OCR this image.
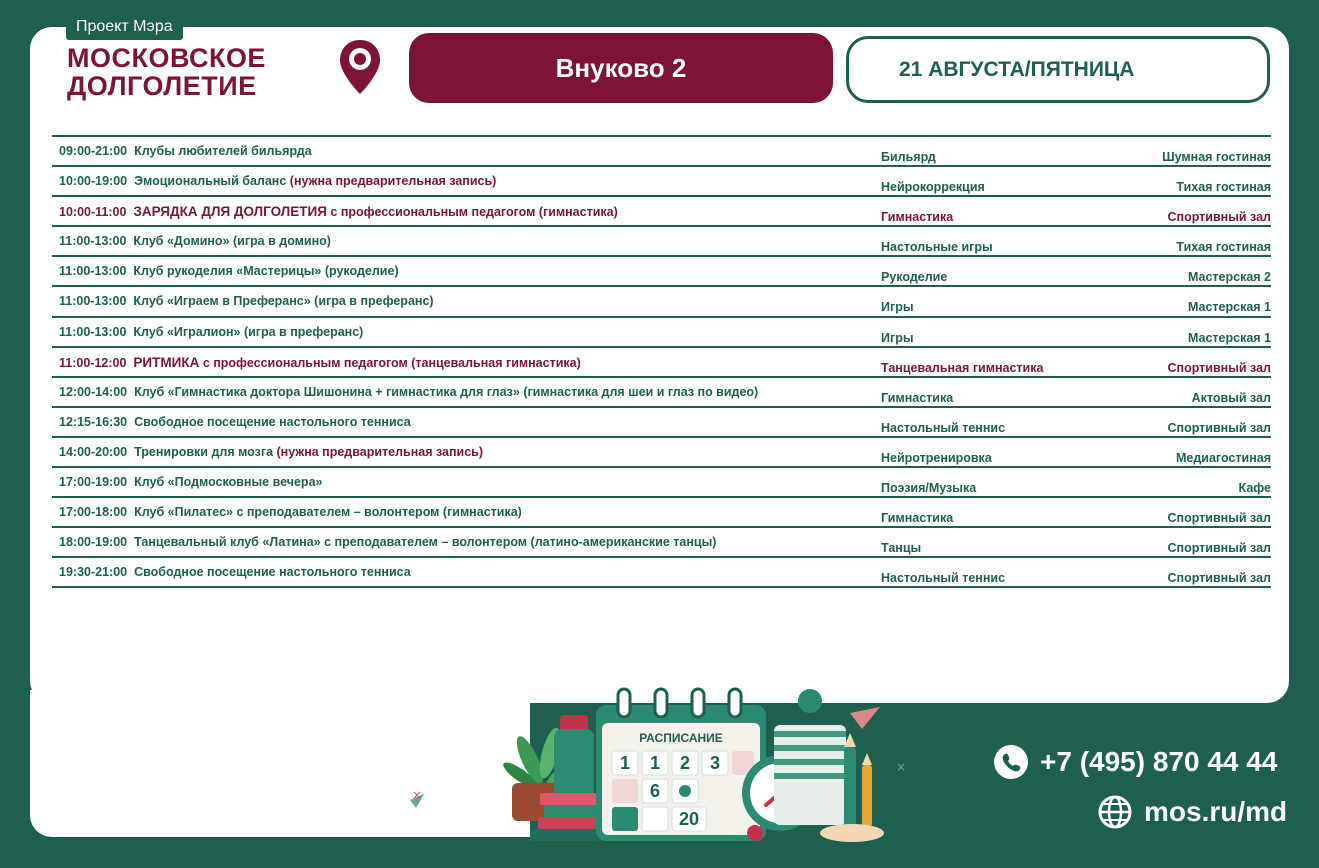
Проект Мэра
МОСКОВСКОЕ
ДОЛГОЛЕТИЕ
Внуково 2	21 АВГУСТА/ПЯТНИЦА
09:00-21:00 Клубы любителей бильярда	Бильярд	Шумная гостиная
10:00-19:00 Эмоциональный баланс (нужна предварительная запись)	Нейрокоррекция	Тихая гостиная
10:00-11:00 ЗАРЯДКА ДЛЯ ДОЛГОЛЕТИЯ с профессиональным педагогом (гимнастика)	Гимнастика	Спортивный зал
11:00-13:00 Клуб «Домино» (игра в домино)	Настольные игры	Тихая гостиная
11:00-13:00 Клуб рукоделия «Мастерицы» (рукоделие)	Рукоделие	Мастерская 2
11:00-13:00 Клуб «Играем в Преферанс» (игра в преферанс)	Игры	Мастерская 1
11:00-13:00 Клуб «Игралион» (игра в преферанс)	Игры	Мастерская 1
11:00-12:00 РИТМИКА с профессиональным педагогом (танцевальная гимнастика)	Танцевальная гимнастика	Спортивный зал
12:00-14:00 Клуб «Гимнастика доктора Шишонина + гимнастика для глаз» (гимнастика для шеи и глаз по видео)	Гимнастика	Актовый зал
12:15-16:30 Свободное посещение настольного тенниса	Настольный теннис	Спортивный зал
14:00-20:00 Тренировки для мозга (нужна предварительная запись)	Нейротренировка	Медиагостиная
17:00-19:00 Клуб «Подмосковные вечера»	Поэзия/Музыка	Кафе
17:00-18:00 Клуб «Пилатес» с преподавателем – волонтером (гимнастика)	Гимнастика	Спортивный зал
18:00-19:00 Танцевальный клуб «Латина» с преподавателем – волонтером (латино-американские танцы)	Танцы	Спортивный зал
19:30-21:00 Свободное посещение настольного тенниса	Настольный теннис	Спортивный зал
×
×
РАСПИСАНИЕ
1 1 2 3
6
20
+7 (495) 870 44 44
mos.ru/md
